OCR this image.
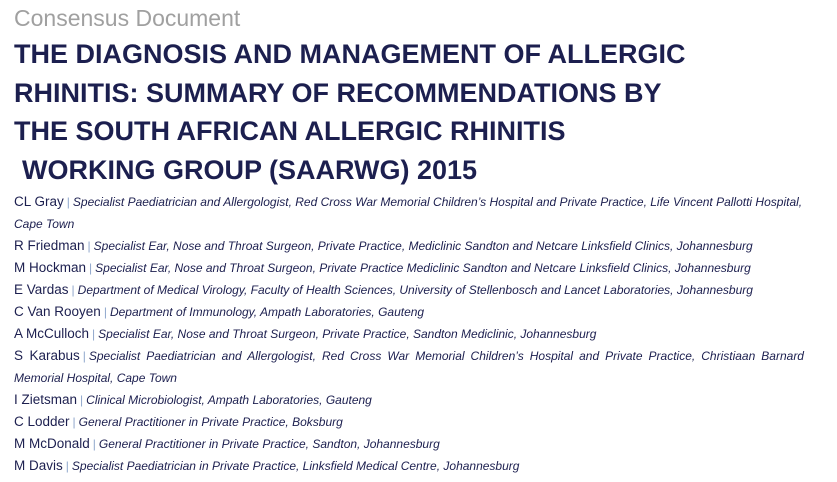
Consensus Document
THE DIAGNOSIS AND MANAGEMENT OF ALLERGIC
RHINITIS: SUMMARY OF RECOMMENDATIONS BY
THE SOUTH AFRICAN ALLERGIC RHINITIS
WORKING GROUP (SAARWG) 2015
CL Gray | Specialist Paediatrician and Allergologist, Red Cross War Memorial Children’s Hospital and Private Practice, Life Vincent Pallotti Hospital, Cape Town
R Friedman | Specialist Ear, Nose and Throat Surgeon, Private Practice, Mediclinic Sandton and Netcare Linksfield Clinics, Johannesburg
M Hockman | Specialist Ear, Nose and Throat Surgeon, Private Practice Mediclinic Sandton and Netcare Linksfield Clinics, Johannesburg
E Vardas | Department of Medical Virology, Faculty of Health Sciences, University of Stellenbosch and Lancet Laboratories, Johannesburg
C Van Rooyen | Department of Immunology, Ampath Laboratories, Gauteng
A McCulloch | Specialist Ear, Nose and Throat Surgeon, Private Practice, Sandton Mediclinic, Johannesburg
S Karabus | Specialist Paediatrician and Allergologist, Red Cross War Memorial Children’s Hospital and Private Practice, Christiaan Barnard Memorial Hospital, Cape Town
I Zietsman | Clinical Microbiologist, Ampath Laboratories, Gauteng
C Lodder | General Practitioner in Private Practice, Boksburg
M McDonald | General Practitioner in Private Practice, Sandton, Johannesburg
M Davis | Specialist Paediatrician in Private Practice, Linksfield Medical Centre, Johannesburg
